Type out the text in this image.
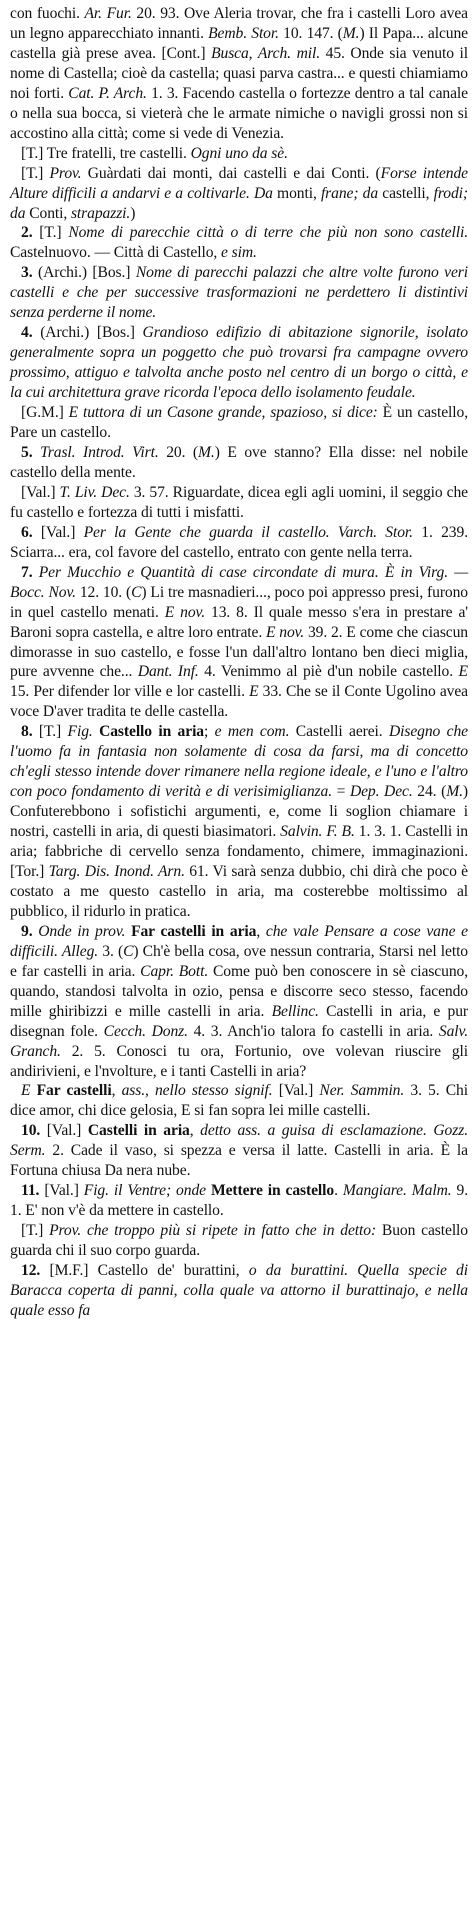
con fuochi. Ar. Fur. 20. 93. Ove Aleria trovar, che fra i castelli Loro avea un legno apparecchiato innanti. Bemb. Stor. 10. 147. (M.) Il Papa... alcune castella già prese avea. [Cont.] Busca, Arch. mil. 45. Onde sia venuto il nome di Castella; cioè da castella; quasi parva castra... e questi chiamiamo noi forti. Cat. P. Arch. 1. 3. Facendo castella o fortezze dentro a tal canale o nella sua bocca, si vieterà che le armate nimiche o navigli grossi non si accostino alla città; come si vede di Venezia.

[T.] Tre fratelli, tre castelli. Ogni uno da sè.

[T.] Prov. Guàrdati dai monti, dai castelli e dai Conti. (Forse intende Alture difficili a andarvi e a coltivarle. Da monti, frane; da castelli, frodi; da Conti, strapazzi.)

2. [T.] Nome di parecchie città o di terre che più non sono castelli. Castelnuovo. — Città di Castello, e sim.

3. (Archi.) [Bos.] Nome di parecchi palazzi che altre volte furono veri castelli e che per successive trasformazioni ne perdettero li distintivi senza perderne il nome.

4. (Archi.) [Bos.] Grandioso edifizio di abitazione signorile, isolato generalmente sopra un poggetto che può trovarsi fra campagne ovvero prossimo, attiguo e talvolta anche posto nel centro di un borgo o città, e la cui architettura grave ricorda l'epoca dello isolamento feudale.

[G.M.] E tuttora di un Casone grande, spazioso, si dice: È un castello, Pare un castello.

5. Trasl. Introd. Virt. 20. (M.) E ove stanno? Ella disse: nel nobile castello della mente.

[Val.] T. Liv. Dec. 3. 57. Riguardate, dicea egli agli uomini, il seggio che fu castello e fortezza di tutti i misfatti.

6. [Val.] Per la Gente che guarda il castello. Varch. Stor. 1. 239. Sciarra... era, col favore del castello, entrato con gente nella terra.

7. Per Mucchio e Quantità di case circondate di mura. È in Virg. — Bocc. Nov. 12. 10. (C) Li tre masnadieri..., poco poi appresso presi, furono in quel castello menati. E nov. 13. 8. Il quale messo s'era in prestare a' Baroni sopra castella, e altre loro entrate. E nov. 39. 2. E come che ciascun dimorasse in suo castello, e fosse l'un dall'altro lontano ben dieci miglia, pure avvenne che... Dant. Inf. 4. Venimmo al piè d'un nobile castello. E 15. Per difender lor ville e lor castelli. E 33. Che se il Conte Ugolino avea voce D'aver tradita te delle castella.

8. [T.] Fig. Castello in aria; e men com. Castelli aerei. Disegno che l'uomo fa in fantasia non solamente di cosa da farsi, ma di concetto ch'egli stesso intende dover rimanere nella regione ideale, e l'uno e l'altro con poco fondamento di verità e di verisimiglianza. = Dep. Dec. 24. (M.) Confuterebbono i sofistichi argumenti, e, come li soglion chiamare i nostri, castelli in aria, di questi biasimatori. Salvin. F. B. 1. 3. 1. Castelli in aria; fabbriche di cervello senza fondamento, chimere, immaginazioni. [Tor.] Targ. Dis. Inond. Arn. 61. Vi sarà senza dubbio, chi dirà che poco è costato a me questo castello in aria, ma costerebbe moltissimo al pubblico, il ridurlo in pratica.

9. Onde in prov. Far castelli in aria, che vale Pensare a cose vane e difficili. Alleg. 3. (C) Ch'è bella cosa, ove nessun contraria, Starsi nel letto e far castelli in aria. Capr. Bott. Come può ben conoscere in sè ciascuno, quando, standosi talvolta in ozio, pensa e discorre seco stesso, facendo mille ghiribizzi e mille castelli in aria. Bellinc. Castelli in aria, e pur disegnan fole. Cecch. Donz. 4. 3. Anch'io talora fo castelli in aria. Salv. Granch. 2. 5. Conosci tu ora, Fortunio, ove volevan riuscire gli andirivieni, e l'nvolture, e i tanti Castelli in aria?

E Far castelli, ass., nello stesso signif. [Val.] Ner. Sammin. 3. 5. Chi dice amor, chi dice gelosia, E si fan sopra lei mille castelli.

10. [Val.] Castelli in aria, detto ass. a guisa di esclamazione. Gozz. Serm. 2. Cade il vaso, si spezza e versa il latte. Castelli in aria. È la Fortuna chiusa Da nera nube.

11. [Val.] Fig. il Ventre; onde Mettere in castello. Mangiare. Malm. 9. 1. E' non v'è da mettere in castello.

[T.] Prov. che troppo più si ripete in fatto che in detto: Buon castello guarda chi il suo corpo guarda.

12. [M.F.] Castello de' burattini, o da burattini. Quella specie di Baracca coperta di panni, colla quale va attorno il burattinajo, e nella quale esso fa
